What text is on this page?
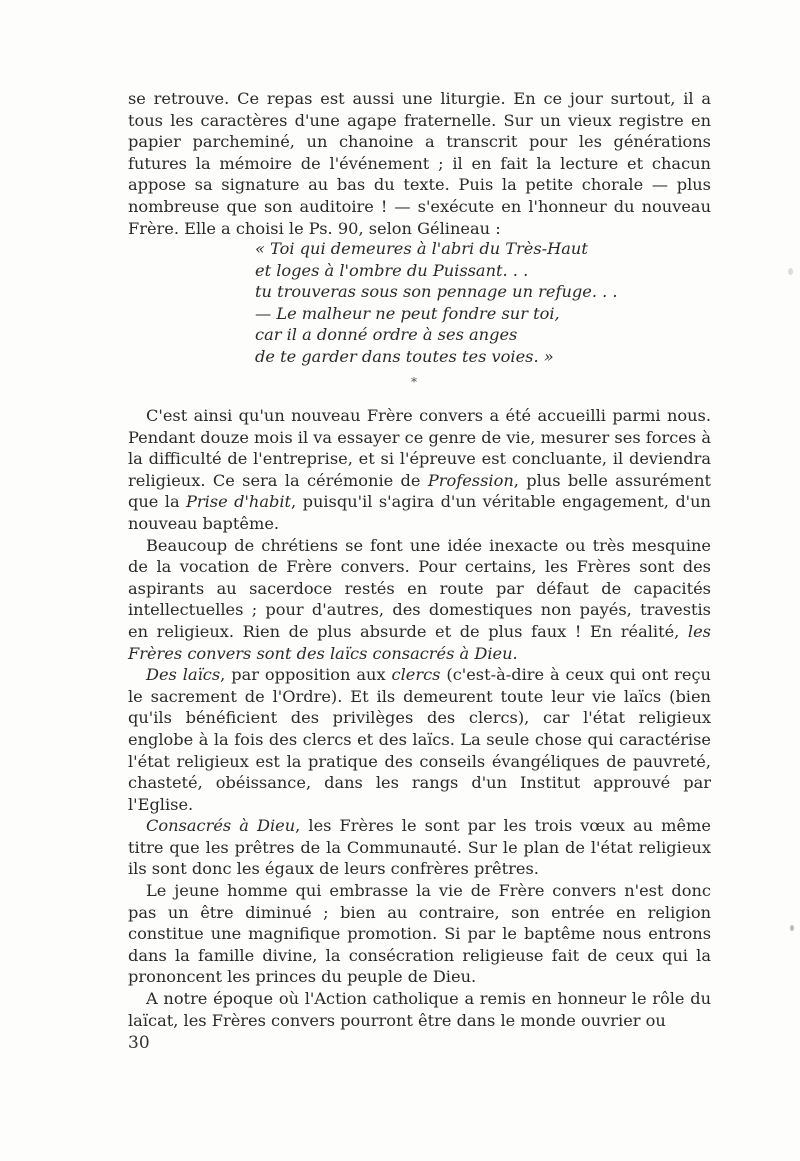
se retrouve. Ce repas est aussi une liturgie. En ce jour surtout, il a tous les caractères d'une agape fraternelle. Sur un vieux registre en papier parcheminé, un chanoine a transcrit pour les générations futures la mémoire de l'événement ; il en fait la lecture et chacun appose sa signature au bas du texte. Puis la petite chorale — plus nombreuse que son auditoire ! — s'exécute en l'honneur du nouveau Frère. Elle a choisi le Ps. 90, selon Gélineau :

« Toi qui demeures à l'abri du Très-Haut
et loges à l'ombre du Puissant. . .
tu trouveras sous son pennage un refuge. . .
— Le malheur ne peut fondre sur toi,
car il a donné ordre à ses anges
de te garder dans toutes tes voies. »
*

C'est ainsi qu'un nouveau Frère convers a été accueilli parmi nous. Pendant douze mois il va essayer ce genre de vie, mesurer ses forces à la difficulté de l'entreprise, et si l'épreuve est concluante, il deviendra religieux. Ce sera la cérémonie de Profession, plus belle assurément que la Prise d'habit, puisqu'il s'agira d'un véritable engagement, d'un nouveau baptême.

Beaucoup de chrétiens se font une idée inexacte ou très mesquine de la vocation de Frère convers. Pour certains, les Frères sont des aspirants au sacerdoce restés en route par défaut de capacités intellectuelles ; pour d'autres, des domestiques non payés, travestis en religieux. Rien de plus absurde et de plus faux ! En réalité, les Frères convers sont des laïcs consacrés à Dieu.

Des laïcs, par opposition aux clercs (c'est-à-dire à ceux qui ont reçu le sacrement de l'Ordre). Et ils demeurent toute leur vie laïcs (bien qu'ils bénéficient des privilèges des clercs), car l'état religieux englobe à la fois des clercs et des laïcs. La seule chose qui caractérise l'état religieux est la pratique des conseils évangéliques de pauvreté, chasteté, obéissance, dans les rangs d'un Institut approuvé par l'Eglise.

Consacrés à Dieu, les Frères le sont par les trois vœux au même titre que les prêtres de la Communauté. Sur le plan de l'état religieux ils sont donc les égaux de leurs confrères prêtres.

Le jeune homme qui embrasse la vie de Frère convers n'est donc pas un être diminué ; bien au contraire, son entrée en religion constitue une magnifique promotion. Si par le baptême nous entrons dans la famille divine, la consécration religieuse fait de ceux qui la prononcent les princes du peuple de Dieu.

A notre époque où l'Action catholique a remis en honneur le rôle du laïcat, les Frères convers pourront être dans le monde ouvrier ou

30
